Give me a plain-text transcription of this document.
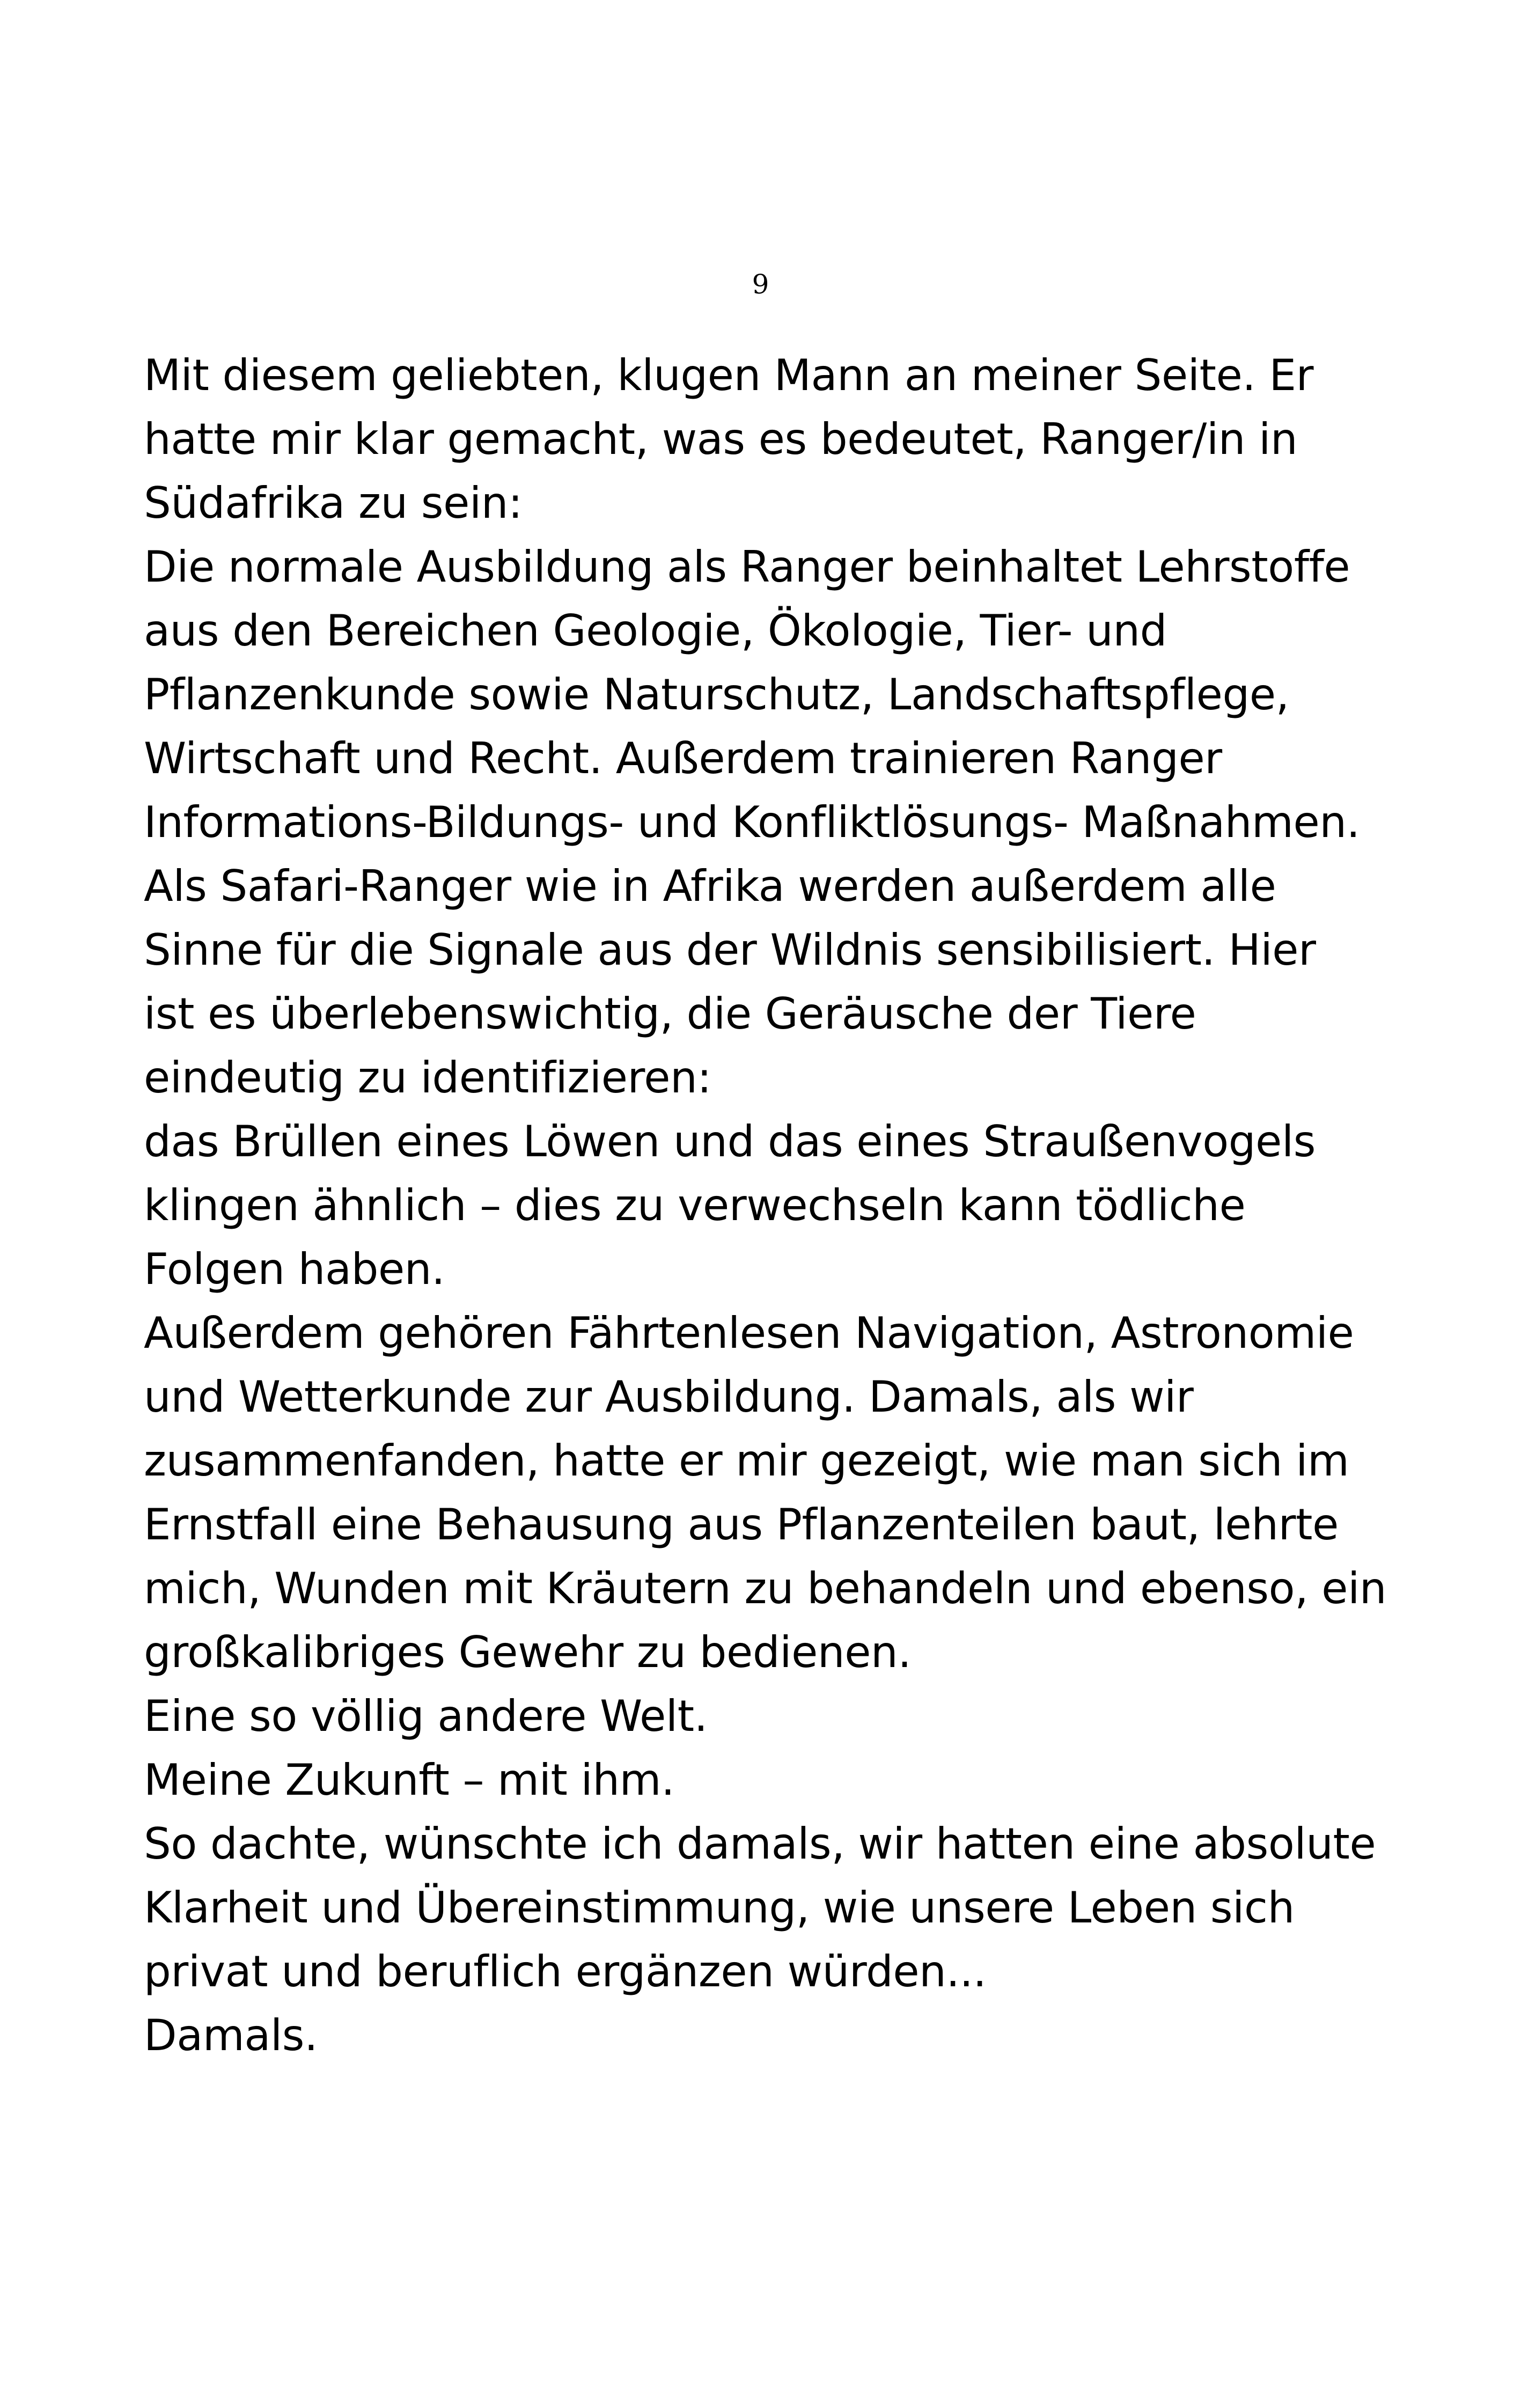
9
Mit diesem geliebten, klugen Mann an meiner Seite. Er
hatte mir klar gemacht, was es bedeutet, Ranger/in in
Südafrika zu sein:
Die normale Ausbildung als Ranger beinhaltet Lehrstoffe
aus den Bereichen Geologie, Ökologie, Tier- und
Pflanzenkunde sowie Naturschutz, Landschaftspflege,
Wirtschaft und Recht. Außerdem trainieren Ranger
Informations-Bildungs- und Konfliktlösungs- Maßnahmen.
Als Safari-Ranger wie in Afrika werden außerdem alle
Sinne für die Signale aus der Wildnis sensibilisiert. Hier
ist es überlebenswichtig, die Geräusche der Tiere
eindeutig zu identifizieren:
das Brüllen eines Löwen und das eines Straußenvogels
klingen ähnlich – dies zu verwechseln kann tödliche
Folgen haben.
Außerdem gehören Fährtenlesen Navigation, Astronomie
und Wetterkunde zur Ausbildung. Damals, als wir
zusammenfanden, hatte er mir gezeigt, wie man sich im
Ernstfall eine Behausung aus Pflanzenteilen baut, lehrte
mich, Wunden mit Kräutern zu behandeln und ebenso, ein
großkalibriges Gewehr zu bedienen.
Eine so völlig andere Welt.
Meine Zukunft – mit ihm.
So dachte, wünschte ich damals, wir hatten eine absolute
Klarheit und Übereinstimmung, wie unsere Leben sich
privat und beruflich ergänzen würden...
Damals.
